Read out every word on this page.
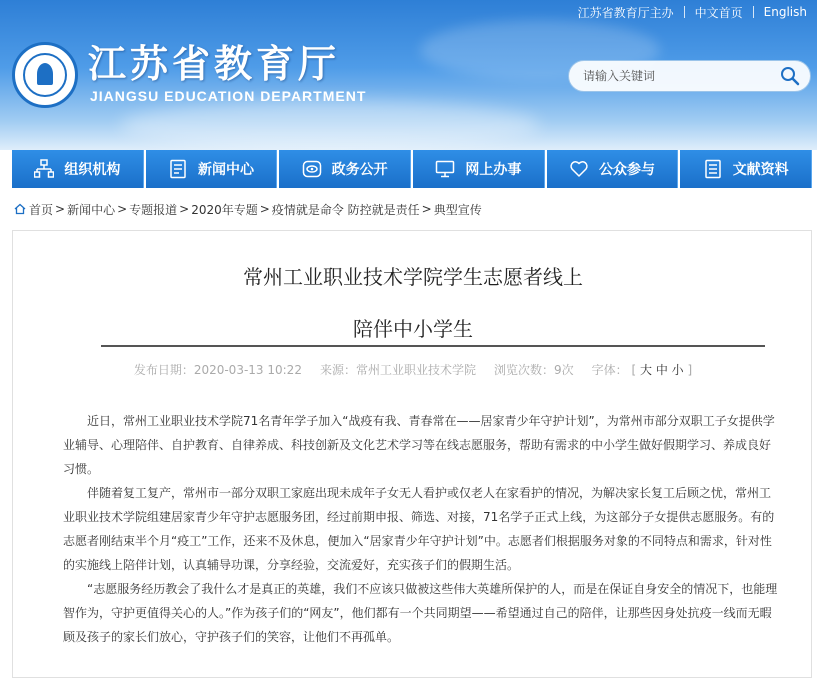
江苏省教育厅主办 中文首页 English
江苏省教育厅
JIANGSU EDUCATION DEPARTMENT
请输入关键词
组织机构	新闻中心	政务公开	网上办事	公众参与	文献资料
首页 > 新闻中心 > 专题报道 > 2020年专题 > 疫情就是命令 防控就是责任 > 典型宣传
常州工业职业技术学院学生志愿者线上
陪伴中小学生
发布日期：2020-03-13 10:22 来源：常州工业职业技术学院 浏览次数：9次 字体： [ 大 中 小 ]

近日，常州工业职业技术学院71名青年学子加入“战疫有我、青春常在——居家青少年守护计划”，为常州市部分双职工子女提供学业辅导、心理陪伴、自护教育、自律养成、科技创新及文化艺术学习等在线志愿服务，帮助有需求的中小学生做好假期学习、养成良好习惯。

伴随着复工复产，常州市一部分双职工家庭出现未成年子女无人看护或仅老人在家看护的情况，为解决家长复工后顾之忧，常州工业职业技术学院组建居家青少年守护志愿服务团，经过前期申报、筛选、对接，71名学子正式上线，为这部分子女提供志愿服务。有的志愿者刚结束半个月“疫工”工作，还来不及休息，便加入“居家青少年守护计划”中。志愿者们根据服务对象的不同特点和需求，针对性的实施线上陪伴计划，认真辅导功课，分享经验，交流爱好，充实孩子们的假期生活。

“志愿服务经历教会了我什么才是真正的英雄，我们不应该只做被这些伟大英雄所保护的人，而是在保证自身安全的情况下，也能理智作为，守护更值得关心的人。”作为孩子们的“网友”，他们都有一个共同期望——希望通过自己的陪伴，让那些因身处抗疫一线而无暇顾及孩子的家长们放心，守护孩子们的笑容，让他们不再孤单。
